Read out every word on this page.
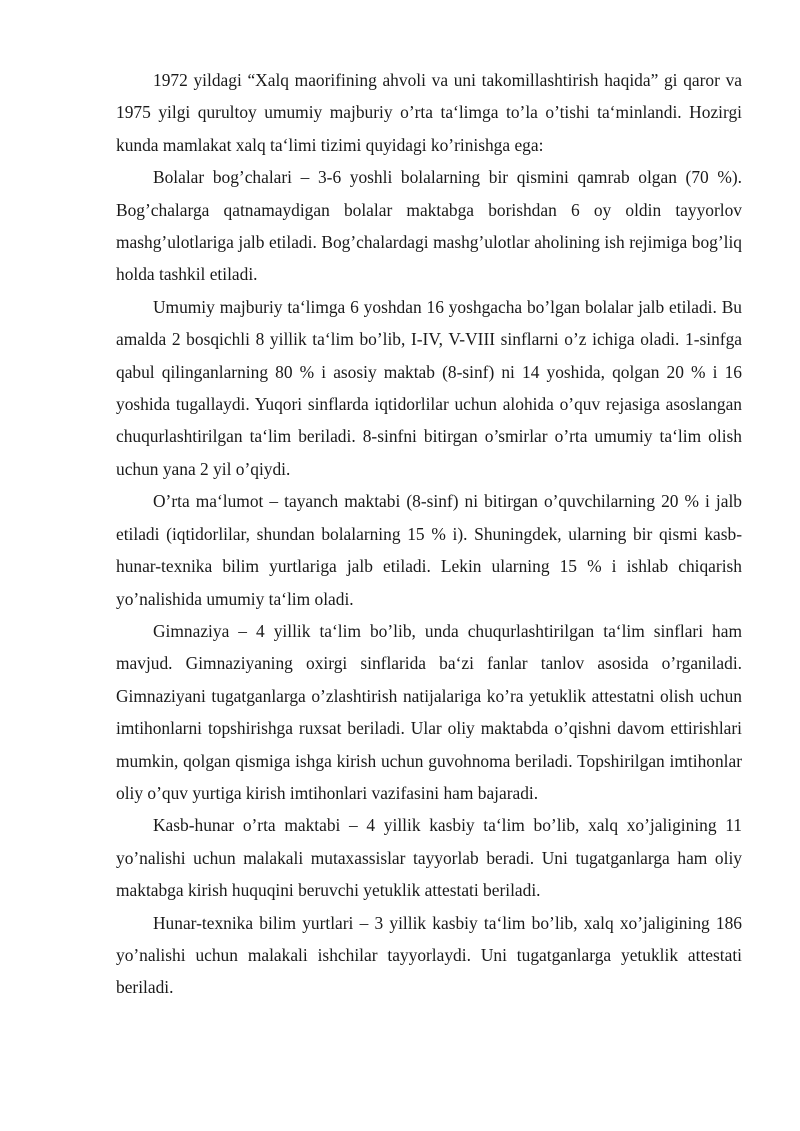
1972 yildagi “Xalq maorifining ahvoli va uni takomillashtirish haqida” gi qaror va 1975 yilgi qurultoy umumiy majburiy o’rta ta‘limga to’la o’tishi ta‘minlandi. Hozirgi kunda mamlakat xalq ta‘limi tizimi quyidagi ko’rinishga ega:

Bolalar bog’chalari – 3-6 yoshli bolalarning bir qismini qamrab olgan (70 %). Bog’chalarga qatnamaydigan bolalar maktabga borishdan 6 oy oldin tayyorlov mashg’ulotlariga jalb etiladi. Bog’chalardagi mashg’ulotlar aholining ish rejimiga bog’liq holda tashkil etiladi.

Umumiy majburiy ta‘limga 6 yoshdan 16 yoshgacha bo’lgan bolalar jalb etiladi. Bu amalda 2 bosqichli 8 yillik ta‘lim bo’lib, I-IV, V-VIII sinflarni o’z ichiga oladi. 1-sinfga qabul qilinganlarning 80 % i asosiy maktab (8-sinf) ni 14 yoshida, qolgan 20 % i 16 yoshida tugallaydi. Yuqori sinflarda iqtidorlilar uchun alohida o’quv rejasiga asoslangan chuqurlashtirilgan ta‘lim beriladi. 8-sinfni bitirgan o’smirlar o’rta umumiy ta‘lim olish uchun yana 2 yil o’qiydi.

O’rta ma‘lumot – tayanch maktabi (8-sinf) ni bitirgan o’quvchilarning 20 % i jalb etiladi (iqtidorlilar, shundan bolalarning 15 % i). Shuningdek, ularning bir qismi kasb-hunar-texnika bilim yurtlariga jalb etiladi. Lekin ularning 15 % i ishlab chiqarish yo’nalishida umumiy ta‘lim oladi.

Gimnaziya – 4 yillik ta‘lim bo’lib, unda chuqurlashtirilgan ta‘lim sinflari ham mavjud. Gimnaziyaning oxirgi sinflarida ba‘zi fanlar tanlov asosida o’rganiladi. Gimnaziyani tugatganlarga o’zlashtirish natijalariga ko’ra yetuklik attestatni olish uchun imtihonlarni topshirishga ruxsat beriladi. Ular oliy maktabda o’qishni davom ettirishlari mumkin, qolgan qismiga ishga kirish uchun guvohnoma beriladi. Topshirilgan imtihonlar oliy o’quv yurtiga kirish imtihonlari vazifasini ham bajaradi.

Kasb-hunar o’rta maktabi – 4 yillik kasbiy ta‘lim bo’lib, xalq xo’jaligining 11 yo’nalishi uchun malakali mutaxassislar tayyorlab beradi. Uni tugatganlarga ham oliy maktabga kirish huquqini beruvchi yetuklik attestati beriladi.

Hunar-texnika bilim yurtlari – 3 yillik kasbiy ta‘lim bo’lib, xalq xo’jaligining 186 yo’nalishi uchun malakali ishchilar tayyorlaydi. Uni tugatganlarga yetuklik attestati beriladi.
